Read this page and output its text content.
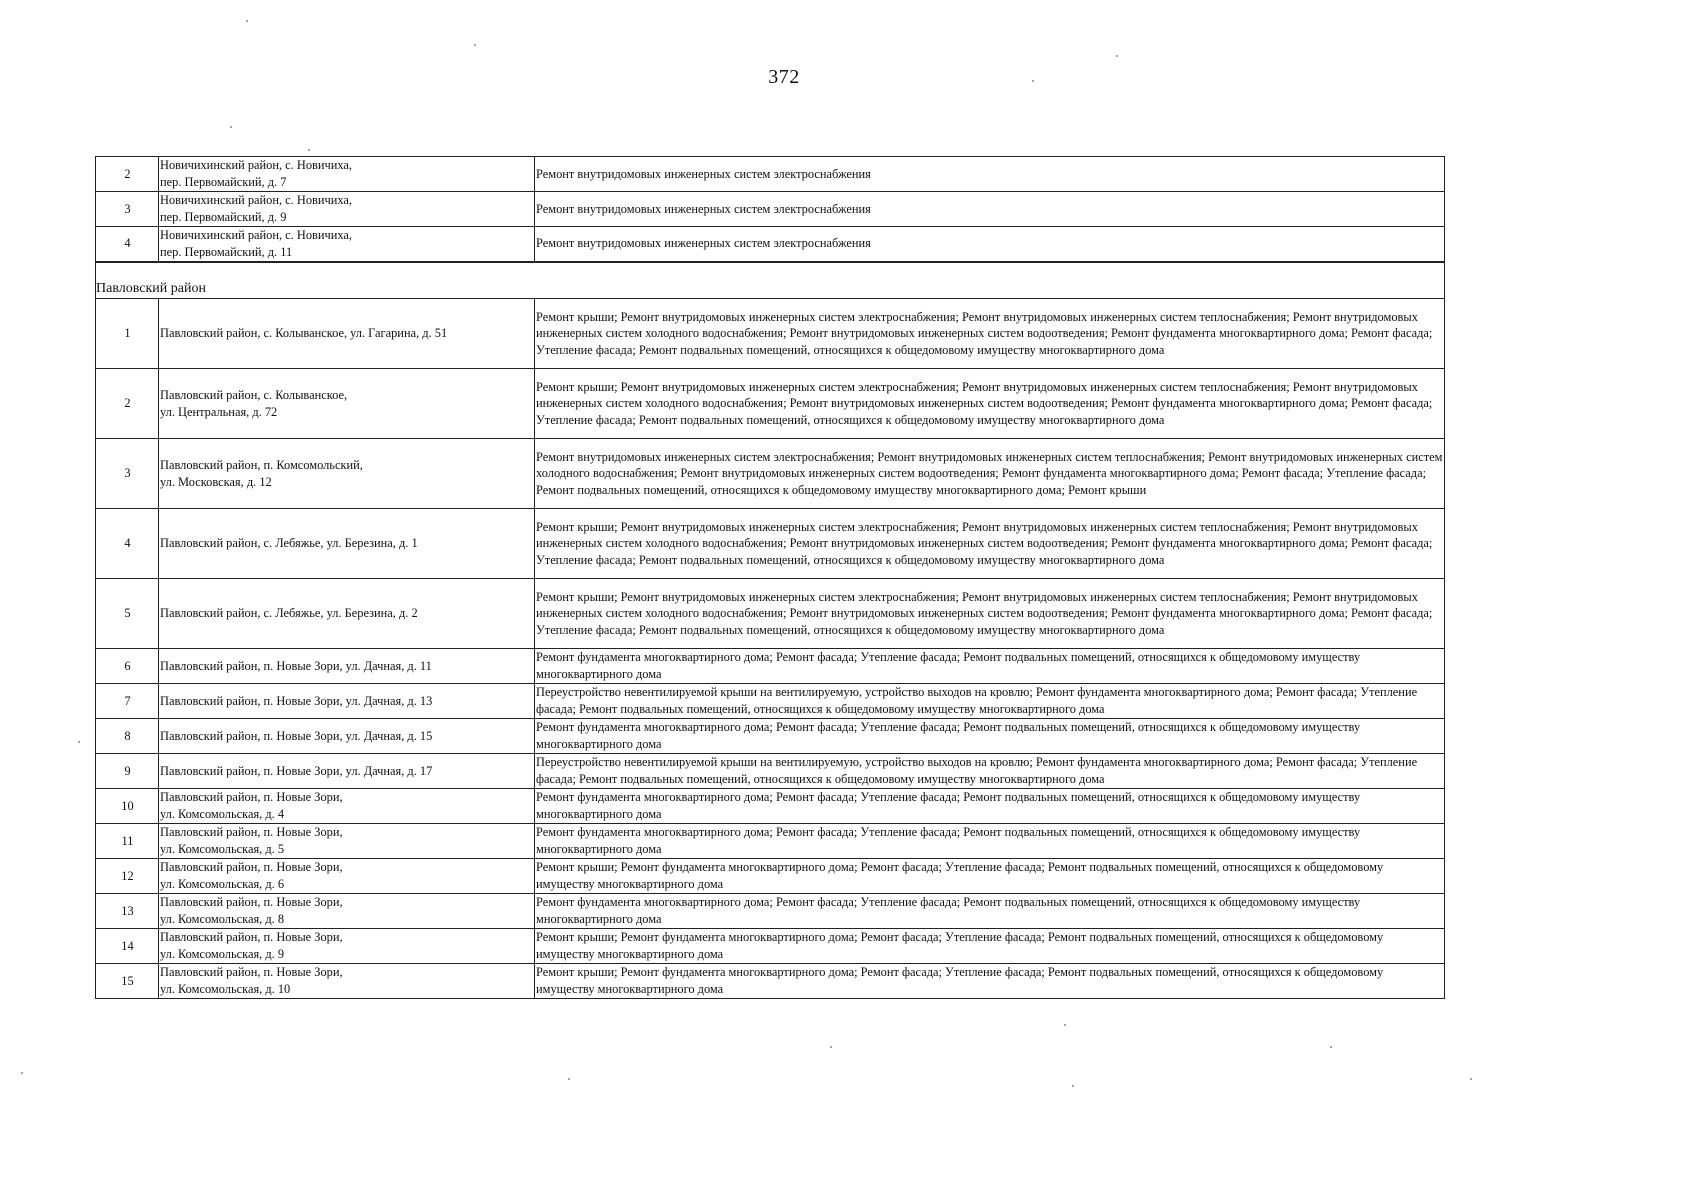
372
2	Новичихинский район, с. Новичиха,
пер. Первомайский, д. 7	Ремонт внутридомовых инженерных систем электроснабжения
3	Новичихинский район, с. Новичиха,
пер. Первомайский, д. 9	Ремонт внутридомовых инженерных систем электроснабжения
4	Новичихинский район, с. Новичиха,
пер. Первомайский, д. 11	Ремонт внутридомовых инженерных систем электроснабжения
Павловский район		
1	Павловский район, с. Колыванское, ул. Гагарина, д. 51	Ремонт крыши; Ремонт внутридомовых инженерных систем электроснабжения; Ремонт внутридомовых инженерных систем теплоснабжения; Ремонт внутридомовых инженерных систем холодного водоснабжения; Ремонт внутридомовых инженерных систем водоотведения; Ремонт фундамента многоквартирного дома; Ремонт фасада; Утепление фасада; Ремонт подвальных помещений, относящихся к общедомовому имуществу многоквартирного дома
2	Павловский район, с. Колыванское,
ул. Центральная, д. 72	Ремонт крыши; Ремонт внутридомовых инженерных систем электроснабжения; Ремонт внутридомовых инженерных систем теплоснабжения; Ремонт внутридомовых инженерных систем холодного водоснабжения; Ремонт внутридомовых инженерных систем водоотведения; Ремонт фундамента многоквартирного дома; Ремонт фасада; Утепление фасада; Ремонт подвальных помещений, относящихся к общедомовому имуществу многоквартирного дома
3	Павловский район, п. Комсомольский,
ул. Московская, д. 12	Ремонт внутридомовых инженерных систем электроснабжения; Ремонт внутридомовых инженерных систем теплоснабжения; Ремонт внутридомовых инженерных систем холодного водоснабжения; Ремонт внутридомовых инженерных систем водоотведения; Ремонт фундамента многоквартирного дома; Ремонт фасада; Утепление фасада; Ремонт подвальных помещений, относящихся к общедомовому имуществу многоквартирного дома; Ремонт крыши
4	Павловский район, с. Лебяжье, ул. Березина, д. 1	Ремонт крыши; Ремонт внутридомовых инженерных систем электроснабжения; Ремонт внутридомовых инженерных систем теплоснабжения; Ремонт внутридомовых инженерных систем холодного водоснабжения; Ремонт внутридомовых инженерных систем водоотведения; Ремонт фундамента многоквартирного дома; Ремонт фасада; Утепление фасада; Ремонт подвальных помещений, относящихся к общедомовому имуществу многоквартирного дома
5	Павловский район, с. Лебяжье, ул. Березина, д. 2	Ремонт крыши; Ремонт внутридомовых инженерных систем электроснабжения; Ремонт внутридомовых инженерных систем теплоснабжения; Ремонт внутридомовых инженерных систем холодного водоснабжения; Ремонт внутридомовых инженерных систем водоотведения; Ремонт фундамента многоквартирного дома; Ремонт фасада; Утепление фасада; Ремонт подвальных помещений, относящихся к общедомовому имуществу многоквартирного дома
6	Павловский район, п. Новые Зори, ул. Дачная, д. 11	Ремонт фундамента многоквартирного дома; Ремонт фасада; Утепление фасада; Ремонт подвальных помещений, относящихся к общедомовому имуществу многоквартирного дома
7	Павловский район, п. Новые Зори, ул. Дачная, д. 13	Переустройство невентилируемой крыши на вентилируемую, устройство выходов на кровлю; Ремонт фундамента многоквартирного дома; Ремонт фасада; Утепление фасада; Ремонт подвальных помещений, относящихся к общедомовому имуществу многоквартирного дома
8	Павловский район, п. Новые Зори, ул. Дачная, д. 15	Ремонт фундамента многоквартирного дома; Ремонт фасада; Утепление фасада; Ремонт подвальных помещений, относящихся к общедомовому имуществу многоквартирного дома
9	Павловский район, п. Новые Зори, ул. Дачная, д. 17	Переустройство невентилируемой крыши на вентилируемую, устройство выходов на кровлю; Ремонт фундамента многоквартирного дома; Ремонт фасада; Утепление фасада; Ремонт подвальных помещений, относящихся к общедомовому имуществу многоквартирного дома
10	Павловский район, п. Новые Зори,
ул. Комсомольская, д. 4	Ремонт фундамента многоквартирного дома; Ремонт фасада; Утепление фасада; Ремонт подвальных помещений, относящихся к общедомовому имуществу многоквартирного дома
11	Павловский район, п. Новые Зори,
ул. Комсомольская, д. 5	Ремонт фундамента многоквартирного дома; Ремонт фасада; Утепление фасада; Ремонт подвальных помещений, относящихся к общедомовому имуществу многоквартирного дома
12	Павловский район, п. Новые Зори,
ул. Комсомольская, д. 6	Ремонт крыши; Ремонт фундамента многоквартирного дома; Ремонт фасада; Утепление фасада; Ремонт подвальных помещений, относящихся к общедомовому имуществу многоквартирного дома
13	Павловский район, п. Новые Зори,
ул. Комсомольская, д. 8	Ремонт фундамента многоквартирного дома; Ремонт фасада; Утепление фасада; Ремонт подвальных помещений, относящихся к общедомовому имуществу многоквартирного дома
14	Павловский район, п. Новые Зори,
ул. Комсомольская, д. 9	Ремонт крыши; Ремонт фундамента многоквартирного дома; Ремонт фасада; Утепление фасада; Ремонт подвальных помещений, относящихся к общедомовому имуществу многоквартирного дома
15	Павловский район, п. Новые Зори,
ул. Комсомольская, д. 10	Ремонт крыши; Ремонт фундамента многоквартирного дома; Ремонт фасада; Утепление фасада; Ремонт подвальных помещений, относящихся к общедомовому имуществу многоквартирного дома
